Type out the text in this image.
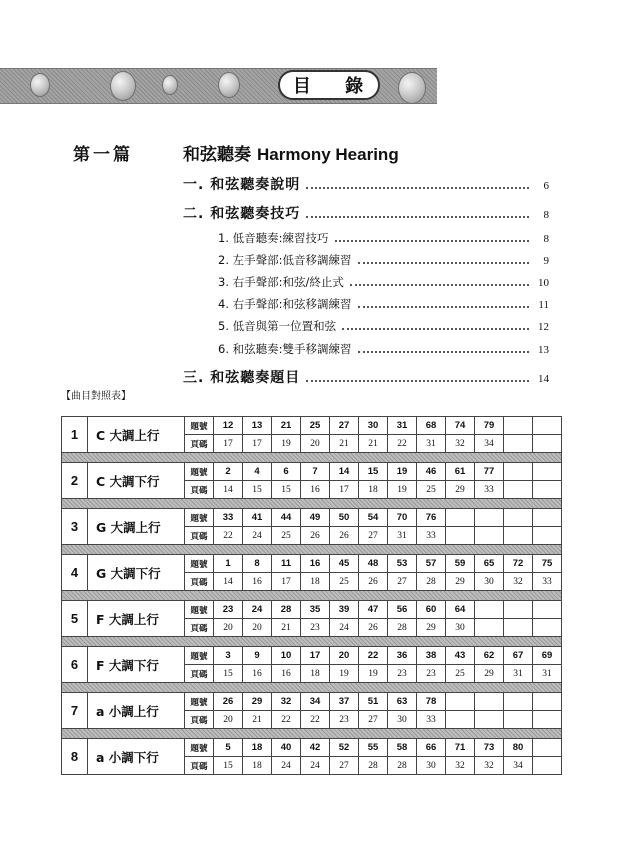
目 錄
第一篇	和弦聽奏 Harmony Hearing
一. 和弦聽奏說明	6
二. 和弦聽奏技巧	8
1. 低音聽奏:練習技巧	8
2. 左手聲部:低音移調練習	9
3. 右手聲部:和弦/終止式	10
4. 右手聲部:和弦移調練習	11
5. 低音與第一位置和弦	12
6. 和弦聽奏:雙手移調練習	13
三. 和弦聽奏題目	14
【曲目對照表】
1	C 大調上行	題號	12	13	21	25	27	30	31	68	74	79		
		頁碼	17	17	19	20	21	21	22	31	32	34		

2	C 大調下行	題號	2	4	6	7	14	15	19	46	61	77		
		頁碼	14	15	15	16	17	18	19	25	29	33		

3	G 大調上行	題號	33	41	44	49	50	54	70	76				
		頁碼	22	24	25	26	26	27	31	33				

4	G 大調下行	題號	1	8	11	16	45	48	53	57	59	65	72	75
		頁碼	14	16	17	18	25	26	27	28	29	30	32	33

5	F 大調上行	題號	23	24	28	35	39	47	56	60	64			
		頁碼	20	20	21	23	24	26	28	29	30			

6	F 大調下行	題號	3	9	10	17	20	22	36	38	43	62	67	69
		頁碼	15	16	16	18	19	19	23	23	25	29	31	31

7	a 小調上行	題號	26	29	32	34	37	51	63	78				
		頁碼	20	21	22	22	23	27	30	33				

8	a 小調下行	題號	5	18	40	42	52	55	58	66	71	73	80	
		頁碼	15	18	24	24	27	28	28	30	32	32	34	
